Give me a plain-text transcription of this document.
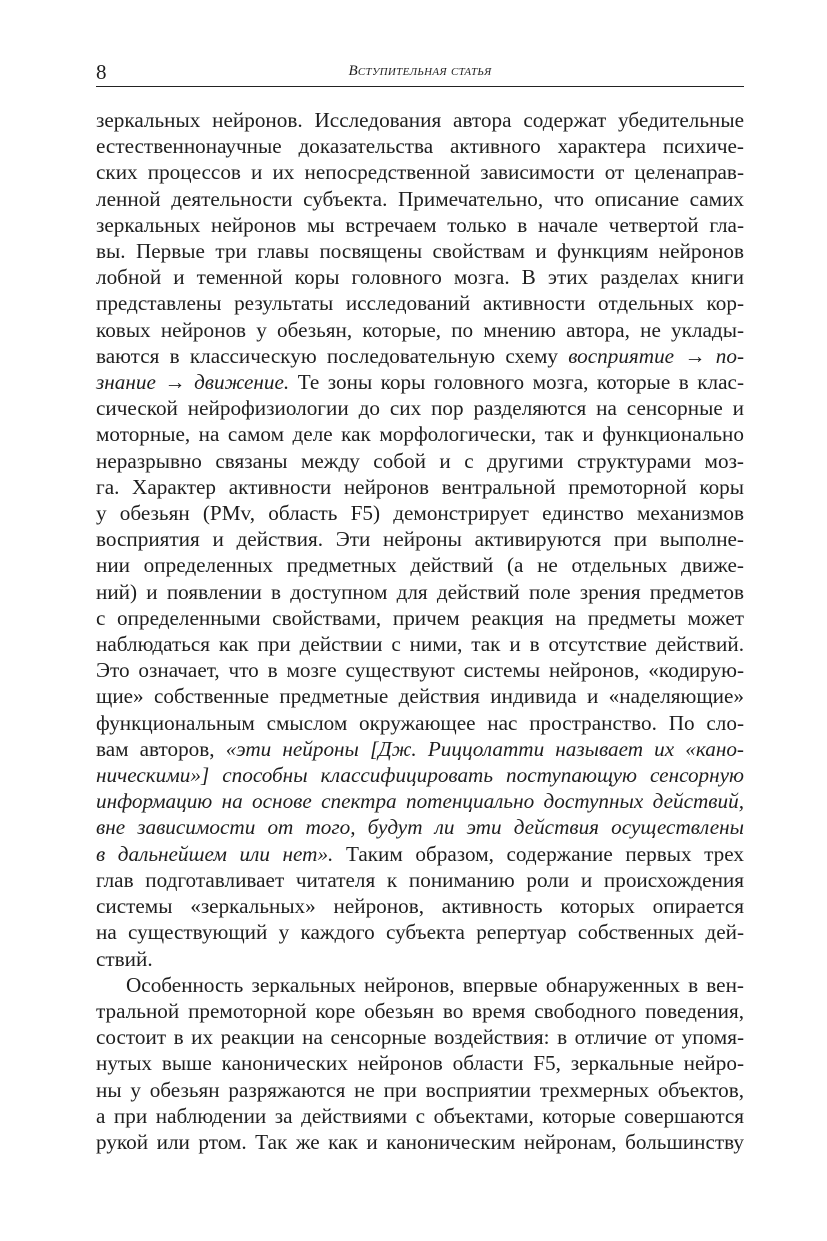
8	Вступительная статья

зеркальных нейронов. Исследования автора содержат убедительные
естественнонаучные доказательства активного характера психиче-
ских процессов и их непосредственной зависимости от целенаправ-
ленной деятельности субъекта. Примечательно, что описание самих
зеркальных нейронов мы встречаем только в начале четвертой гла-
вы. Первые три главы посвящены свойствам и функциям нейронов
лобной и теменной коры головного мозга. В этих разделах книги
представлены результаты исследований активности отдельных кор-
ковых нейронов у обезьян, которые, по мнению автора, не уклады-
ваются в классическую последовательную схему восприятие → по-
знание → движение. Те зоны коры головного мозга, которые в клас-
сической нейрофизиологии до сих пор разделяются на сенсорные и
моторные, на самом деле как морфологически, так и функционально
неразрывно связаны между собой и с другими структурами моз-
га. Характер активности нейронов вентральной премоторной коры
у обезьян (PMv, область F5) демонстрирует единство механизмов
восприятия и действия. Эти нейроны активируются при выполне-
нии определенных предметных действий (а не отдельных движе-
ний) и появлении в доступном для действий поле зрения предметов
с определенными свойствами, причем реакция на предметы может
наблюдаться как при действии с ними, так и в отсутствие действий.
Это означает, что в мозге существуют системы нейронов, «кодирую-
щие» собственные предметные действия индивида и «наделяющие»
функциональным смыслом окружающее нас пространство. По сло-
вам авторов, «эти нейроны [Дж. Риццолатти называет их «кано-
ническими»] способны классифицировать поступающую сенсорную
информацию на основе спектра потенциально доступных действий,
вне зависимости от того, будут ли эти действия осуществлены
в дальнейшем или нет». Таким образом, содержание первых трех
глав подготавливает читателя к пониманию роли и происхождения
системы «зеркальных» нейронов, активность которых опирается
на существующий у каждого субъекта репертуар собственных дей-
ствий.

Особенность зеркальных нейронов, впервые обнаруженных в вен-
тральной премоторной коре обезьян во время свободного поведения,
состоит в их реакции на сенсорные воздействия: в отличие от упомя-
нутых выше канонических нейронов области F5, зеркальные нейро-
ны у обезьян разряжаются не при восприятии трехмерных объектов,
а при наблюдении за действиями с объектами, которые совершаются
рукой или ртом. Так же как и каноническим нейронам, большинству
